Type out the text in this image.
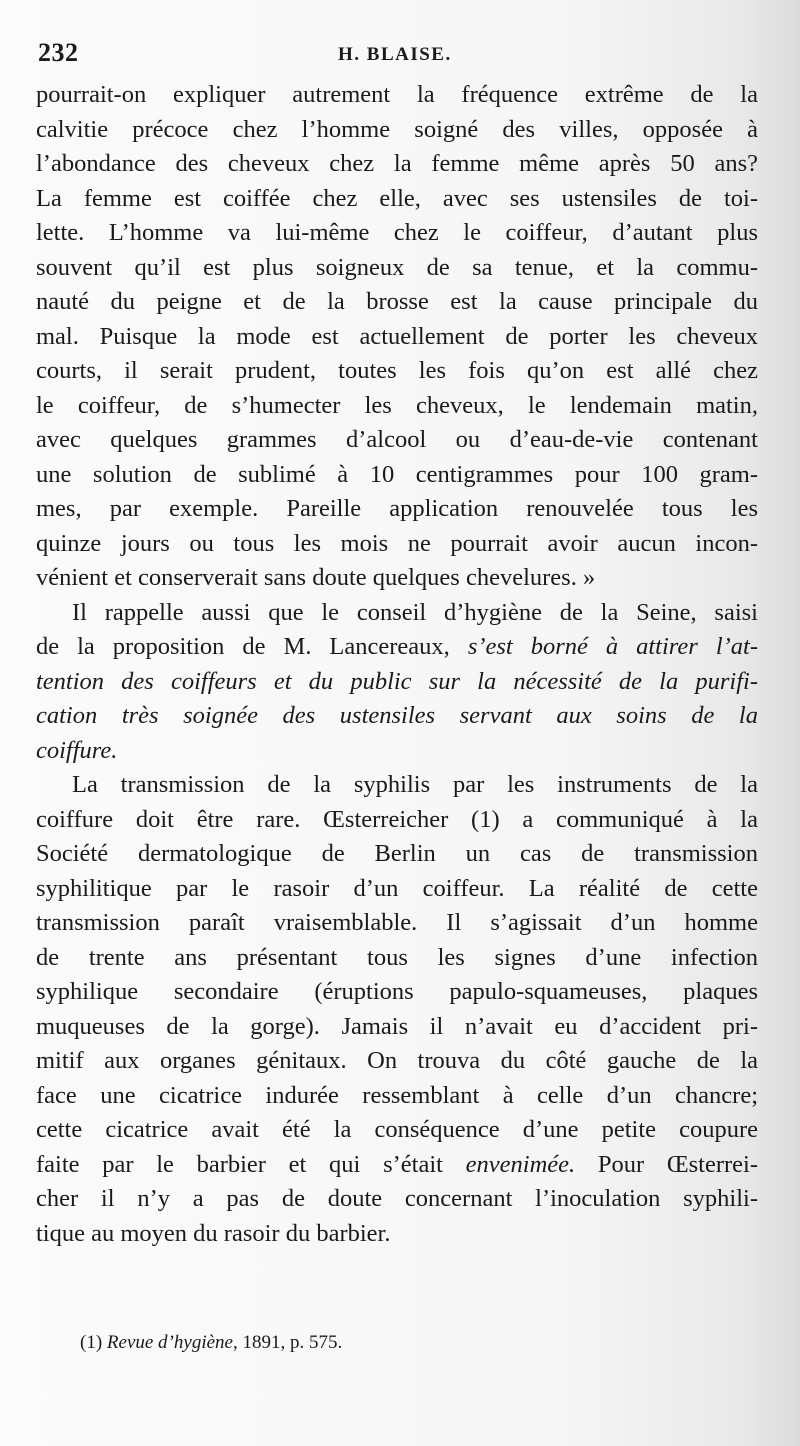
232	H. BLAISE.
pourrait-on expliquer autrement la fréquence extrême de la
calvitie précoce chez l’homme soigné des villes, opposée à
l’abondance des cheveux chez la femme même après 50 ans?
La femme est coiffée chez elle, avec ses ustensiles de toi-
lette. L’homme va lui-même chez le coiffeur, d’autant plus
souvent qu’il est plus soigneux de sa tenue, et la commu-
nauté du peigne et de la brosse est la cause principale du
mal. Puisque la mode est actuellement de porter les cheveux
courts, il serait prudent, toutes les fois qu’on est allé chez
le coiffeur, de s’humecter les cheveux, le lendemain matin,
avec quelques grammes d’alcool ou d’eau-de-vie contenant
une solution de sublimé à 10 centigrammes pour 100 gram-
mes, par exemple. Pareille application renouvelée tous les
quinze jours ou tous les mois ne pourrait avoir aucun incon-
vénient et conserverait sans doute quelques chevelures. »
Il rappelle aussi que le conseil d’hygiène de la Seine, saisi
de la proposition de M. Lancereaux, s’est borné à attirer l’at-
tention des coiffeurs et du public sur la nécessité de la purifi-
cation très soignée des ustensiles servant aux soins de la
coiffure.
La transmission de la syphilis par les instruments de la
coiffure doit être rare. Œsterreicher (1) a communiqué à la
Société dermatologique de Berlin un cas de transmission
syphilitique par le rasoir d’un coiffeur. La réalité de cette
transmission paraît vraisemblable. Il s’agissait d’un homme
de trente ans présentant tous les signes d’une infection
syphilique secondaire (éruptions papulo-squameuses, plaques
muqueuses de la gorge). Jamais il n’avait eu d’accident pri-
mitif aux organes génitaux. On trouva du côté gauche de la
face une cicatrice indurée ressemblant à celle d’un chancre;
cette cicatrice avait été la conséquence d’une petite coupure
faite par le barbier et qui s’était envenimée. Pour Œsterrei-
cher il n’y a pas de doute concernant l’inoculation syphili-
tique au moyen du rasoir du barbier.
(1) Revue d’hygiène, 1891, p. 575.
